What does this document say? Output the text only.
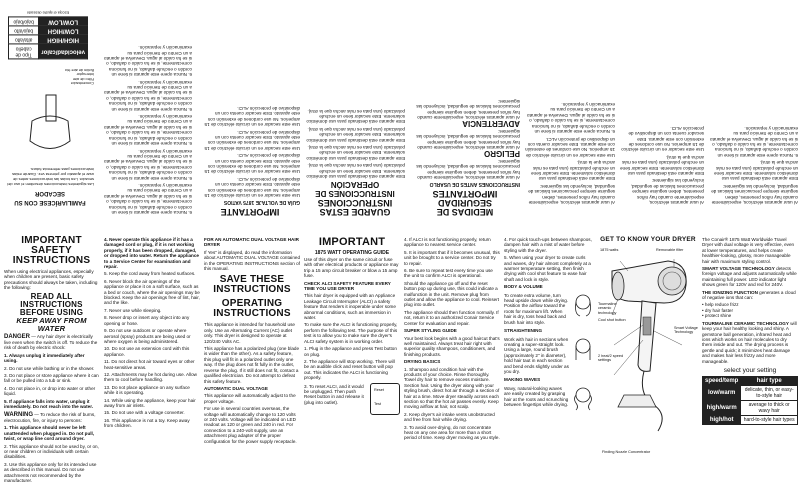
FAMILIARÍCESE CON SU SECADOR

Las siguientes instrucciones describen el uso del secador. Lea todas las instrucciones antes de usar el aparato por primera vez. Guarde estas instrucciones para referencia futura.

Concentrador
Filtro de aire
Interruptor
Botón de aire frío
velocidad/calor	Tipo de cabello
HIGH/HIGH	alta/alto
LOW/HIGH	bajo/alto
LOW/LOW	bajo/bajo
Escoja el ajuste deseado

6. Nunca opere este aparato si tiene un cordón o enchufe dañado, si no funciona correctamente, si se ha caído o dañado, o si se ha caído al agua. Devuelva el aparato a un Centro de Servicio para su examinación y reparación.

6. Nunca opere este aparato si tiene un cordón o enchufe dañado, si no funciona correctamente, si se ha caído o dañado, o si se ha caído al agua. Devuelva el aparato a un Centro de Servicio para su examinación y reparación.

6. Nunca opere este aparato si tiene un cordón o enchufe dañado, si no funciona correctamente, si se ha caído o dañado, o si se ha caído al agua. Devuelva el aparato a un Centro de Servicio para su examinación y reparación.

6. Nunca opere este aparato si tiene un cordón o enchufe dañado, si no funciona correctamente, si se ha caído o dañado, o si se ha caído al agua. Devuelva el aparato a un Centro de Servicio para su examinación y reparación.

6. Nunca opere este aparato si tiene un cordón o enchufe dañado, si no funciona correctamente, si se ha caído o dañado, o si se ha caído al agua. Devuelva el aparato a un Centro de Servicio para su examinación y reparación.

IMPORTANTE
GUÍA DE VOLTAJE 1875 VATIOS

Use este secador en un circuito eléctrico de 15 amperios. No use cordones de extensión con este aparato. Este secador cuenta con un dispositivo de protección ALCI.

Use este secador en un circuito eléctrico de 15 amperios. No use cordones de extensión con este aparato. Este secador cuenta con un dispositivo de protección ALCI.

Use este secador en un circuito eléctrico de 15 amperios. No use cordones de extensión con este aparato. Este secador cuenta con un dispositivo de protección ALCI.

Use este secador en un circuito eléctrico de 15 amperios. No use cordones de extensión con este aparato. Este secador cuenta con un dispositivo de protección ALCI.

GUARDE ESTAS INSTRUCCIONES
INSTRUCCIONES DE OPERACIÓN

Este aparato está destinado para uso doméstico solamente. Este secador tiene un enchufe polarizado (una pata es más ancha que la otra).

Este aparato está destinado para uso doméstico solamente. Este secador tiene un enchufe polarizado (una pata es más ancha que la otra).

Este aparato está destinado para uso doméstico solamente. Este secador tiene un enchufe polarizado (una pata es más ancha que la otra).

Este aparato está destinado para uso doméstico solamente. Este secador tiene un enchufe polarizado (una pata es más ancha que la otra).

MEDIDAS DE SEGURIDAD IMPORTANTES
INSTRUCCIONES ANTES DE USARLO

Al usar aparatos eléctricos, especialmente cuando hay niños presentes, deben seguirse siempre precauciones básicas de seguridad, incluyendo las siguientes:

PELIGRO

Al usar aparatos eléctricos, especialmente cuando hay niños presentes, deben seguirse siempre precauciones básicas de seguridad, incluyendo las siguientes:

ADVERTENCIA

Al usar aparatos eléctricos, especialmente cuando hay niños presentes, deben seguirse siempre precauciones básicas de seguridad, incluyendo las siguientes:

IMPORTANT SAFETY INSTRUCTIONS

When using electrical appliances, especially when children are present, basic safety precautions should always be taken, including the following:

READ ALL INSTRUCTIONS BEFORE USING
KEEP AWAY FROM WATER

DANGER — Any hair dryer is electrically live even when the switch is off. To reduce the risk of death by electric shock:

1. Always unplug it immediately after using.

2. Do not use while bathing or in the shower.

3. Do not place or store appliance where it can fall or be pulled into a tub or sink.

4. Do not place in, or drop into water or other liquid.

5. If appliance falls into water, unplug it immediately. Do not reach into the water.

WARNING — To reduce the risk of burns, electrocution, fire, or injury to persons:

1. This appliance should never be left unattended when plugged in. Do not pull, twist, or wrap line cord around dryer.

2. This appliance should not be used by, or on, or near children or individuals with certain disabilities.

3. Use this appliance only for its intended use as described in this manual. Do not use attachments not recommended by the manufacturer.

4. Never operate this appliance if it has a damaged cord or plug, if it is not working properly, if it has been dropped, damaged, or dropped into water. Return the appliance to a Service Center for examination and repair.

5. Keep the cord away from heated surfaces.

6. Never block the air openings of the appliance or place it on a soft surface, such as a bed or couch, where the air openings may be blocked. Keep the air openings free of lint, hair, and the like.

7. Never use while sleeping.

8. Never drop or insert any object into any opening or hose.

9. Do not use outdoors or operate where aerosol (spray) products are being used or where oxygen is being administered.

10. Do not use an extension cord with this appliance.

11. Do not direct hot air toward eyes or other heat-sensitive areas.

12. Attachments may be hot during use. Allow them to cool before handling.

13. Do not place appliance on any surface while it is operating.

14. While using the appliance, keep your hair away from air inlets.

15. Do not use with a voltage converter.

16. This appliance is not a toy. Keep away from children.

FOR AN AUTOMATIC DUAL VOLTAGE HAIR DRYER

If Yes" is displayed, do read the information about AUTOMATIC DUAL VOLTAGE contained in the OPERATING INSTRUCTIONS section of this manual.

SAVE THESE INSTRUCTIONS
OPERATING INSTRUCTIONS

This appliance is intended for household use only. Use an Alternating Current (AC) outlet only. This dryer is designed to operate at 120/240 Volts AC.

This appliance has a polarized plug (one blade is wider than the other). As a safety feature, this plug will fit in a polarized outlet only one way. If the plug does not fit fully in the outlet, reverse the plug. If it still does not fit, contact a qualified electrician. Do not attempt to defeat this safety feature.

AUTOMATIC DUAL VOLTAGE

This appliance will automatically adjust to the proper voltage.

For use in several countries overseas, the voltage will automatically change to 120 volts or 240 volts. Voltage will be indicated on LED readout as 120 or green and 240 in red. For connection to a 240-volt supply, use an attachment plug adapter of the proper configuration for the power supply receptacle.

IMPORTANT
1875 WATT OPERATING GUIDE

Use of this dryer on the same circuit or fuse with other electrical products or appliance may trip a 15 amp circuit breaker or blow a 15 amp fuse.

CHECK ALCI SAFETY FEATURE EVERY TIME YOU USE DRYER

This hair dryer is equipped with an Appliance Leakage Circuit Interrupter (ALCI) a safety feature that renders it inoperable under some abnormal conditions, such as immersion in water.

To make sure the ALCI is functioning properly, perform the following test. The purpose of this test is to allow you to make sure the dryer's ALCI safety system is in working order.

1. Plug in the appliance and press Test button on plug.

2. The appliance will stop working. There will be an audible click and reset button will pop out. This indicates the ALCI is functioning properly.

3. To reset ALCI, and it would be unplugged. Then push Reset button in and release it (plug into outlet).

Reset
Test

4. If ALCI is not functioning properly, return appliance to nearest service center.

5. It is important that if it becomes unusual, this unit be brought to a service center. Do not try to repair.

6. Be sure to repeat test every time you use the unit to confirm ALCI is operational.

Should the appliance go off and the reset button pop up during use, this could indicate a malfunction in the unit. Remove plug from outlet and allow the appliance to cool. Reinsert plug into outlet.

The appliance should then function normally. If not, return it to an authorized Conair Service Center for evaluation and repair.

SUPER STYLING GUIDE

Your best look begins with a good haircut that's well maintained. Always treat hair right with superior quality shampoos, conditioners, and finishing products.

DRYING BASICS

1. Shampoo and condition hair with the products of your choice. Rinse thoroughly. Towel dry hair to remove excess moisture. Section hair. Using the dryer along with your styling brush, direct hot air through a section of hair at a time. Move dryer steadily across each section so that the hot air passes evenly. Keep moving airflow at hair, not scalp.

2. Keep dryer's air intake vents unobstructed and free from hair while drying.

3. To avoid over-drying, do not concentrate heat on any one area for more than a short period of time. Keep dryer moving as you style.

4. For quick touch-ups between shampoos, dampen hair with a mist of water before styling with the dryer.

5. When using your dryer to create curls and waves, dry hair almost completely at a warmer temperature setting, then finish drying with cool shot feature to ease hair shaft and lock in style.

BODY & VOLUME

To create extra volume, turn head upside down while drying. Position the airflow toward the roots for maximum lift. When hair is dry, toss head back and brush hair into style.

STRAIGHTENING

Work with hair in sections when creating a super-straight look. Using a large, round brush (approximately 2" in diameter), hold hair taut in each section and bend ends slightly under as you dry.

MAKING WAVES

Wavy, natural-looking waves are easily created by grasping hair at the roots and scrunching between fingertips while drying.

GET TO KNOW YOUR DRYER
1875 watts	Removable filter
Tourmaline ceramic technology
Cool shot button
Smart Voltage Technology
2 heat/2 speed settings
Finding Nozzle Concentrator

The Conair® 1875 Watt Worldwide Travel Dryer with dual voltage is very effective, even at lower temperatures, and helps create healthier-looking, glossy, more manageable hair with maximum styling control.

SMART VOLTAGE TECHNOLOGY detects foreign voltage and adjusts automatically while maintaining full power. LED indicator light shows green for 120V and red for 240V.

THE IONIZING FUNCTION generates a cloud of negative ions that can:

• help reduce frizz
• dry hair faster
• protect shine

TOURMALINE CERAMIC TECHNOLOGY will keep your hair healthy looking and shiny. A gemstone ball generation, infrared heat and ions which works on hair molecules to dry them inside and out. The drying process is gentle and quick; it minimizes heat damage and makes hair less frizzy and more manageable.

select your setting
speed/temp	hair type
low/warm	delicate, thin, or easy-to-style hair
high/warm	average to thick or wavy hair
high/hot	hard-to-style hair types

Al usar aparatos eléctricos, especialmente cuando hay niños presentes, deben seguirse siempre precauciones básicas de seguridad, incluyendo las siguientes:

Este aparato está destinado para uso doméstico solamente. Este secador tiene un enchufe polarizado (una pata es más ancha que la otra).

Use este secador en un circuito eléctrico de 15 amperios. No use cordones de extensión con este aparato. Este secador cuenta con un dispositivo de protección ALCI.

6. Nunca opere este aparato si tiene un cordón o enchufe dañado, si no funciona correctamente, si se ha caído o dañado, o si se ha caído al agua. Devuelva el aparato a un Centro de Servicio para su examinación y reparación.

Al usar aparatos eléctricos, especialmente cuando hay niños presentes, deben seguirse siempre precauciones básicas de seguridad, incluyendo las siguientes:

Este aparato está destinado para uso doméstico solamente. Este secador tiene un enchufe polarizado (una pata es más ancha que la otra).

Use este secador en un circuito eléctrico de 15 amperios. No use cordones de extensión con este aparato. Este secador cuenta con un dispositivo de protección ALCI.

Al usar aparatos eléctricos, especialmente cuando hay niños presentes, deben seguirse siempre precauciones básicas de seguridad, incluyendo las siguientes:

Este aparato está destinado para uso doméstico solamente. Este secador tiene un enchufe polarizado (una pata es más ancha que la otra).

6. Nunca opere este aparato si tiene un cordón o enchufe dañado, si no funciona correctamente, si se ha caído o dañado, o si se ha caído al agua. Devuelva el aparato a un Centro de Servicio para su examinación y reparación.
